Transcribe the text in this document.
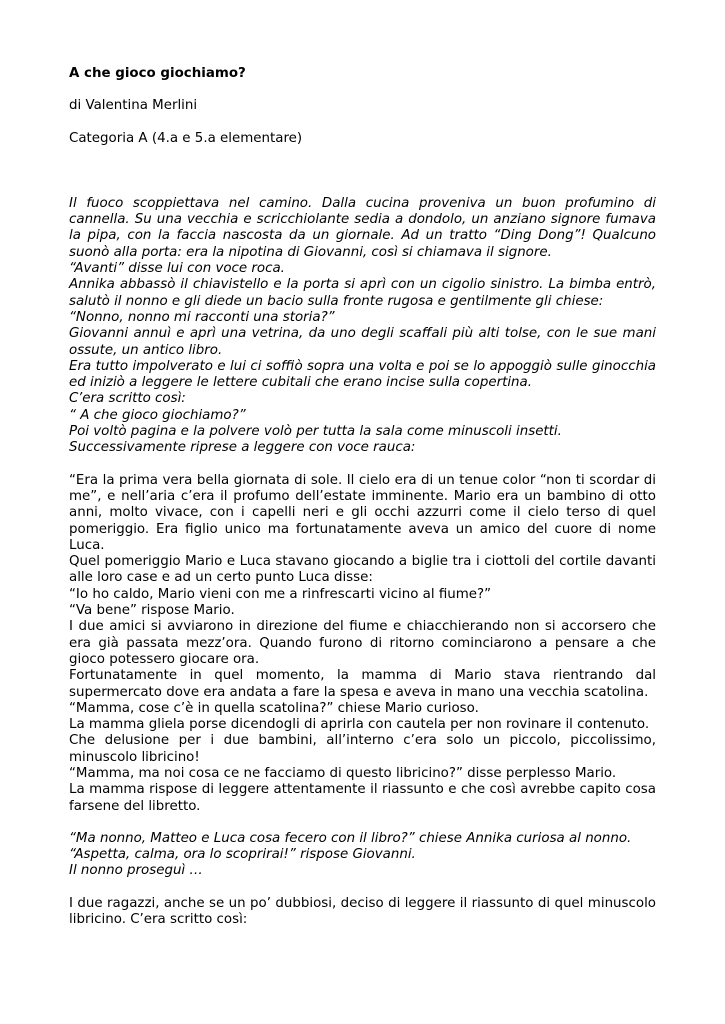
A che gioco giochiamo?

di Valentina Merlini

Categoria A (4.a e 5.a elementare)

Il fuoco scoppiettava nel camino. Dalla cucina proveniva un buon profumino di cannella. Su una vecchia e scricchiolante sedia a dondolo, un anziano signore fumava la pipa, con la faccia nascosta da un giornale. Ad un tratto “Ding Dong”! Qualcuno suonò alla porta: era la nipotina di Giovanni, così si chiamava il signore.

“Avanti” disse lui con voce roca.

Annika abbassò il chiavistello e la porta si aprì con un cigolio sinistro. La bimba entrò, salutò il nonno e gli diede un bacio sulla fronte rugosa e gentilmente gli chiese:

“Nonno, nonno mi racconti una storia?”

Giovanni annuì e aprì una vetrina, da uno degli scaffali più alti tolse, con le sue mani ossute, un antico libro.

Era tutto impolverato e lui ci soffiò sopra una volta e poi se lo appoggiò sulle ginocchia ed iniziò a leggere le lettere cubitali che erano incise sulla copertina.

C’era scritto così:

“ A che gioco giochiamo?”

Poi voltò pagina e la polvere volò per tutta la sala come minuscoli insetti.

Successivamente riprese a leggere con voce rauca:

“Era la prima vera bella giornata di sole. Il cielo era di un tenue color “non ti scordar di me”, e nell’aria c’era il profumo dell’estate imminente. Mario era un bambino di otto anni, molto vivace, con i capelli neri e gli occhi azzurri come il cielo terso di quel pomeriggio. Era figlio unico ma fortunatamente aveva un amico del cuore di nome Luca.

Quel pomeriggio Mario e Luca stavano giocando a biglie tra i ciottoli del cortile davanti alle loro case e ad un certo punto Luca disse:

“Io ho caldo, Mario vieni con me a rinfrescarti vicino al fiume?”

“Va bene” rispose Mario.

I due amici si avviarono in direzione del fiume e chiacchierando non si accorsero che era già passata mezz’ora. Quando furono di ritorno cominciarono a pensare a che gioco potessero giocare ora.

Fortunatamente in quel momento, la mamma di Mario stava rientrando dal supermercato dove era andata a fare la spesa e aveva in mano una vecchia scatolina.

“Mamma, cose c’è in quella scatolina?” chiese Mario curioso.

La mamma gliela porse dicendogli di aprirla con cautela per non rovinare il contenuto.

Che delusione per i due bambini, all’interno c’era solo un piccolo, piccolissimo, minuscolo libricino!

“Mamma, ma noi cosa ce ne facciamo di questo libricino?” disse perplesso Mario.

La mamma rispose di leggere attentamente il riassunto e che così avrebbe capito cosa farsene del libretto.

“Ma nonno, Matteo e Luca cosa fecero con il libro?” chiese Annika curiosa al nonno.

“Aspetta, calma, ora lo scoprirai!” rispose Giovanni.

Il nonno proseguì …

I due ragazzi, anche se un po’ dubbiosi, deciso di leggere il riassunto di quel minuscolo libricino. C’era scritto così:
